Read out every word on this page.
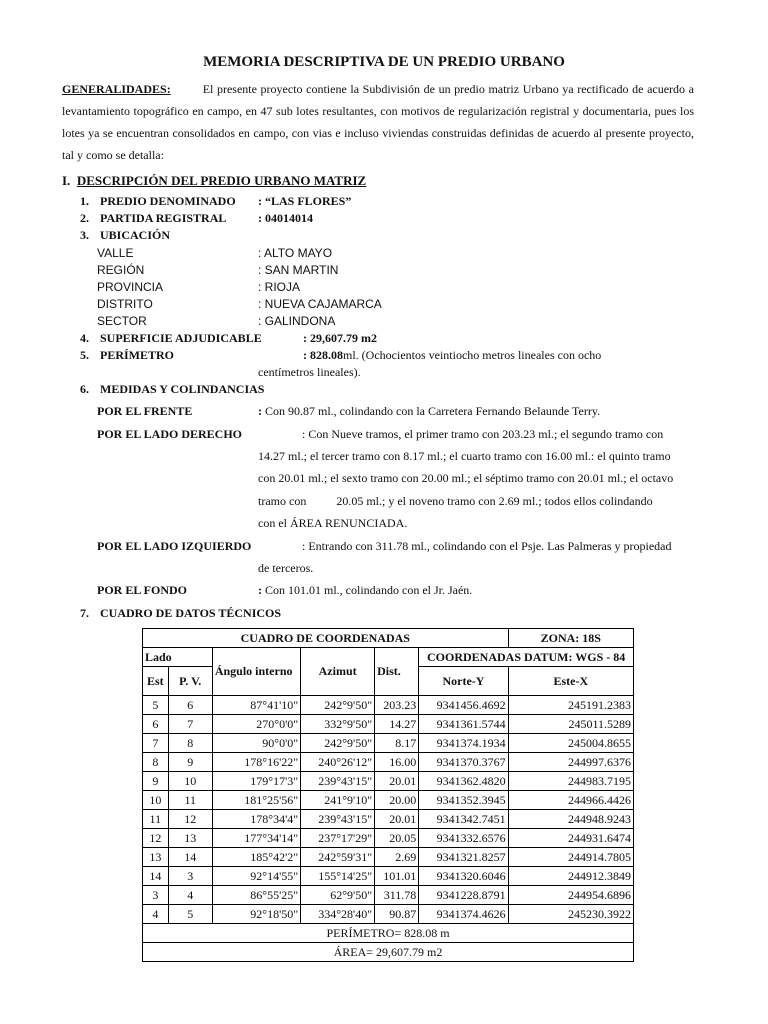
MEMORIA DESCRIPTIVA DE UN PREDIO URBANO
GENERALIDADES:	El presente proyecto contiene la Subdivisión de un predio matriz Urbano ya rectificado de acuerdo a levantamiento topográfico en campo, en 47 sub lotes resultantes, con motivos de regularización registral y documentaria, pues los lotes ya se encuentran consolidados en campo, con vias e incluso viviendas construidas definidas de acuerdo al presente proyecto, tal y como se detalla:
I. DESCRIPCIÓN DEL PREDIO URBANO MATRIZ
1. PREDIO DENOMINADO : “LAS FLORES”
2. PARTIDA REGISTRAL	: 04014014
3. UBICACIÓN
VALLE	: ALTO MAYO
REGIÓN	: SAN MARTIN
PROVINCIA	: RIOJA
DISTRITO	: NUEVA CAJAMARCA
SECTOR	: GALINDONA
4. SUPERFICIE ADJUDICABLE	: 29,607.79 m2
5. PERÍMETRO	: 828.08ml. (Ochocientos veintiocho metros lineales con ocho
centímetros lineales).
6. MEDIDAS Y COLINDANCIAS
POR EL FRENTE	: Con 90.87 ml., colindando con la Carretera Fernando Belaunde Terry.
POR EL LADO DERECHO	: Con Nueve tramos, el primer tramo con 203.23 ml.; el segundo tramo con
14.27 ml.; el tercer tramo con 8.17 ml.; el cuarto tramo con 16.00 ml.: el quinto tramo
con 20.01 ml.; el sexto tramo con 20.00 ml.; el séptimo tramo con 20.01 ml.; el octavo
tramo con          20.05 ml.; y el noveno tramo con 2.69 ml.; todos ellos colindando
con el ÁREA RENUNCIADA.
POR EL LADO IZQUIERDO	: Entrando con 311.78 ml., colindando con el Psje. Las Palmeras y propiedad
de terceros.
POR EL FONDO	: Con 101.01 ml., colindando con el Jr. Jaén.
7. CUADRO DE DATOS TÉCNICOS
CUADRO DE COORDENADAS						ZONA: 18S
Lado		Ángulo interno	Azimut	Dist.	COORDENADAS DATUM: WGS - 84	
Est	P. V.				Norte-Y	Este-X
5	6	87°41'10"	242°9'50"	203.23	9341456.4692	245191.2383
6	7	270°0'0"	332°9'50"	14.27	9341361.5744	245011.5289
7	8	90°0'0"	242°9'50"	8.17	9341374.1934	245004.8655
8	9	178°16'22"	240°26'12"	16.00	9341370.3767	244997.6376
9	10	179°17'3"	239°43'15"	20.01	9341362.4820	244983.7195
10	11	181°25'56"	241°9'10"	20.00	9341352.3945	244966.4426
11	12	178°34'4"	239°43'15"	20.01	9341342.7451	244948.9243
12	13	177°34'14"	237°17'29"	20.05	9341332.6576	244931.6474
13	14	185°42'2"	242°59'31"	2.69	9341321.8257	244914.7805
14	3	92°14'55"	155°14'25"	101.01	9341320.6046	244912.3849
3	4	86°55'25"	62°9'50"	311.78	9341228.8791	244954.6896
4	5	92°18'50"	334°28'40"	90.87	9341374.4626	245230.3922
PERÍMETRO= 828.08 m						
ÁREA= 29,607.79 m2						
